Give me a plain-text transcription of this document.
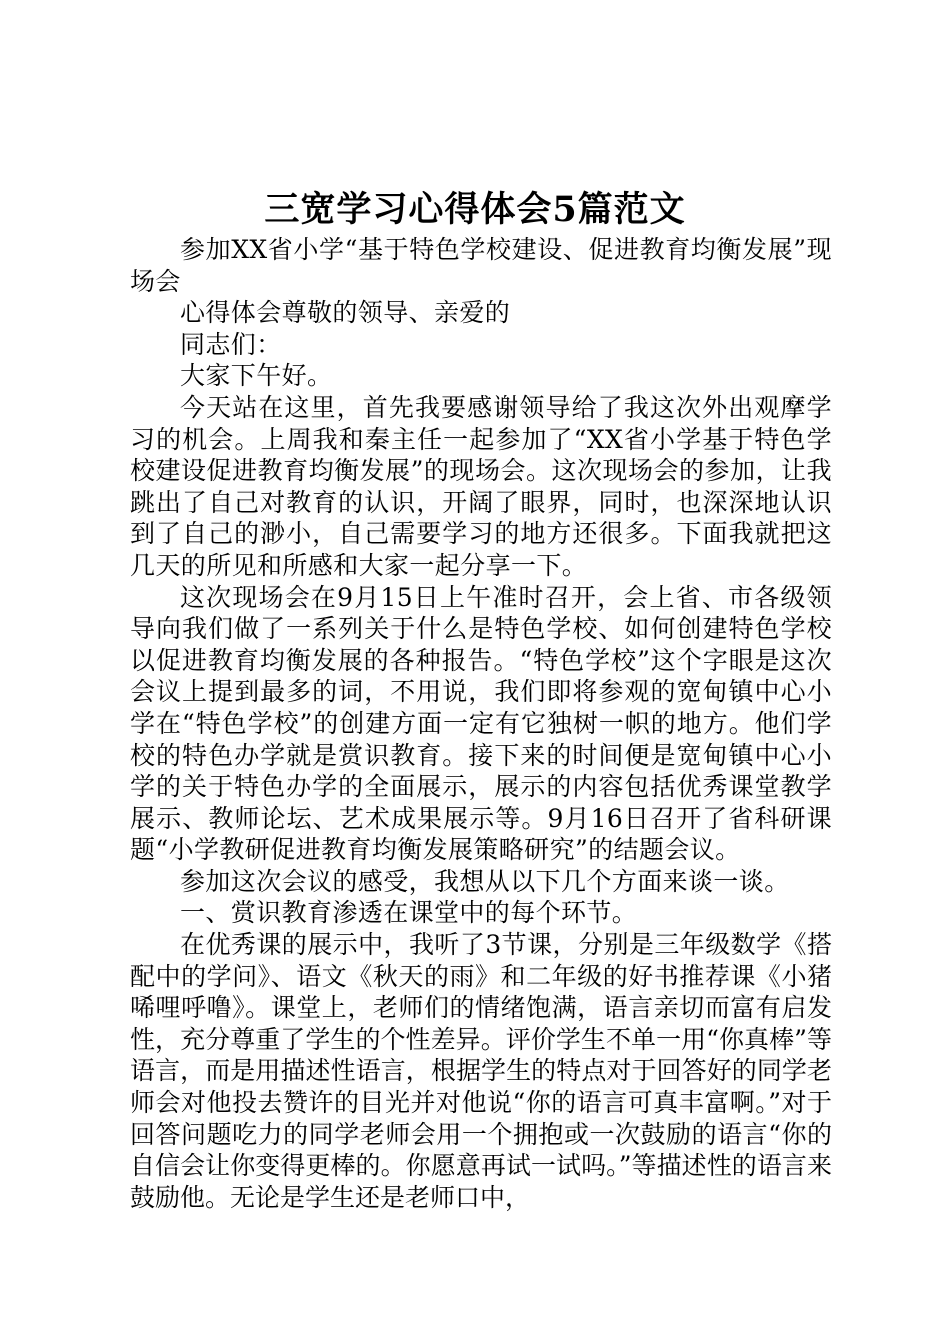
三宽学习心得体会5篇范文

参加XX省小学“基于特色学校建设、促进教育均衡发展”现场会

心得体会尊敬的领导、亲爱的

同志们：

大家下午好。

今天站在这里，首先我要感谢领导给了我这次外出观摩学习的机会。上周我和秦主任一起参加了“XX省小学基于特色学校建设促进教育均衡发展”的现场会。这次现场会的参加，让我跳出了自己对教育的认识，开阔了眼界，同时，也深深地认识到了自己的渺小，自己需要学习的地方还很多。下面我就把这几天的所见和所感和大家一起分享一下。

这次现场会在9月15日上午准时召开，会上省、市各级领导向我们做了一系列关于什么是特色学校、如何创建特色学校以促进教育均衡发展的各种报告。“特色学校”这个字眼是这次会议上提到最多的词，不用说，我们即将参观的宽甸镇中心小学在“特色学校”的创建方面一定有它独树一帜的地方。他们学校的特色办学就是赏识教育。接下来的时间便是宽甸镇中心小学的关于特色办学的全面展示，展示的内容包括优秀课堂教学展示、教师论坛、艺术成果展示等。9月16日召开了省科研课题“小学教研促进教育均衡发展策略研究”的结题会议。

参加这次会议的感受，我想从以下几个方面来谈一谈。

一、赏识教育渗透在课堂中的每个环节。

在优秀课的展示中，我听了3节课，分别是三年级数学《搭配中的学问》、语文《秋天的雨》和二年级的好书推荐课《小猪唏哩呼噜》。课堂上，老师们的情绪饱满，语言亲切而富有启发性，充分尊重了学生的个性差异。评价学生不单一用“你真棒”等语言，而是用描述性语言，根据学生的特点对于回答好的同学老师会对他投去赞许的目光并对他说“你的语言可真丰富啊。”对于回答问题吃力的同学老师会用一个拥抱或一次鼓励的语言“你的自信会让你变得更棒的。你愿意再试一试吗。”等描述性的语言来鼓励他。无论是学生还是老师口中，
